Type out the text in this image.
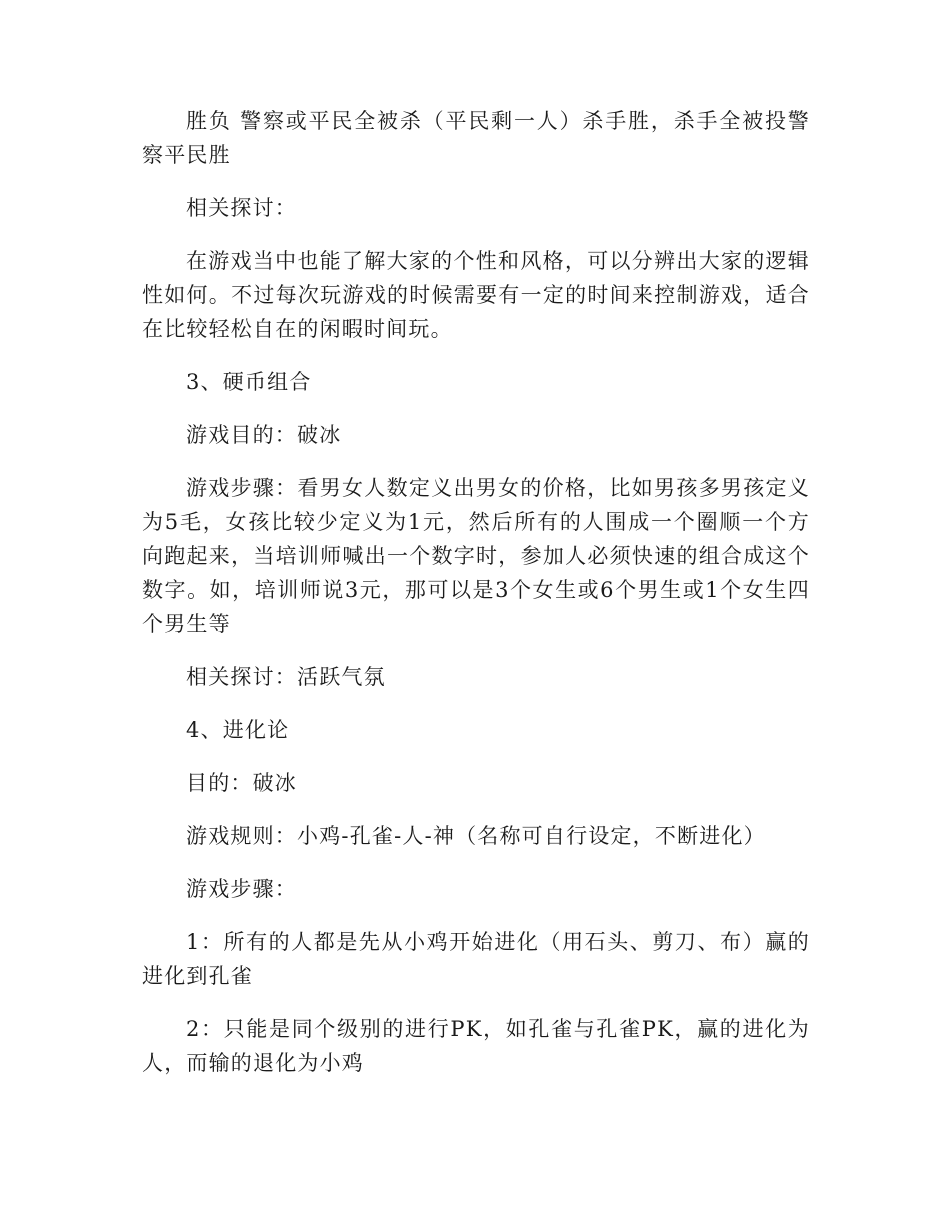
胜负 警察或平民全被杀（平民剩一人）杀手胜，杀手全被投警察平民胜

相关探讨：

在游戏当中也能了解大家的个性和风格，可以分辨出大家的逻辑性如何。不过每次玩游戏的时候需要有一定的时间来控制游戏，适合在比较轻松自在的闲暇时间玩。

3、硬币组合

游戏目的：破冰

游戏步骤：看男女人数定义出男女的价格，比如男孩多男孩定义为5毛，女孩比较少定义为1元，然后所有的人围成一个圈顺一个方向跑起来，当培训师喊出一个数字时，参加人必须快速的组合成这个数字。如，培训师说3元，那可以是3个女生或6个男生或1个女生四个男生等

相关探讨：活跃气氛

4、进化论

目的：破冰

游戏规则：小鸡-孔雀-人-神（名称可自行设定，不断进化）

游戏步骤：

1：所有的人都是先从小鸡开始进化（用石头、剪刀、布）赢的进化到孔雀

2：只能是同个级别的进行PK，如孔雀与孔雀PK，赢的进化为人，而输的退化为小鸡
